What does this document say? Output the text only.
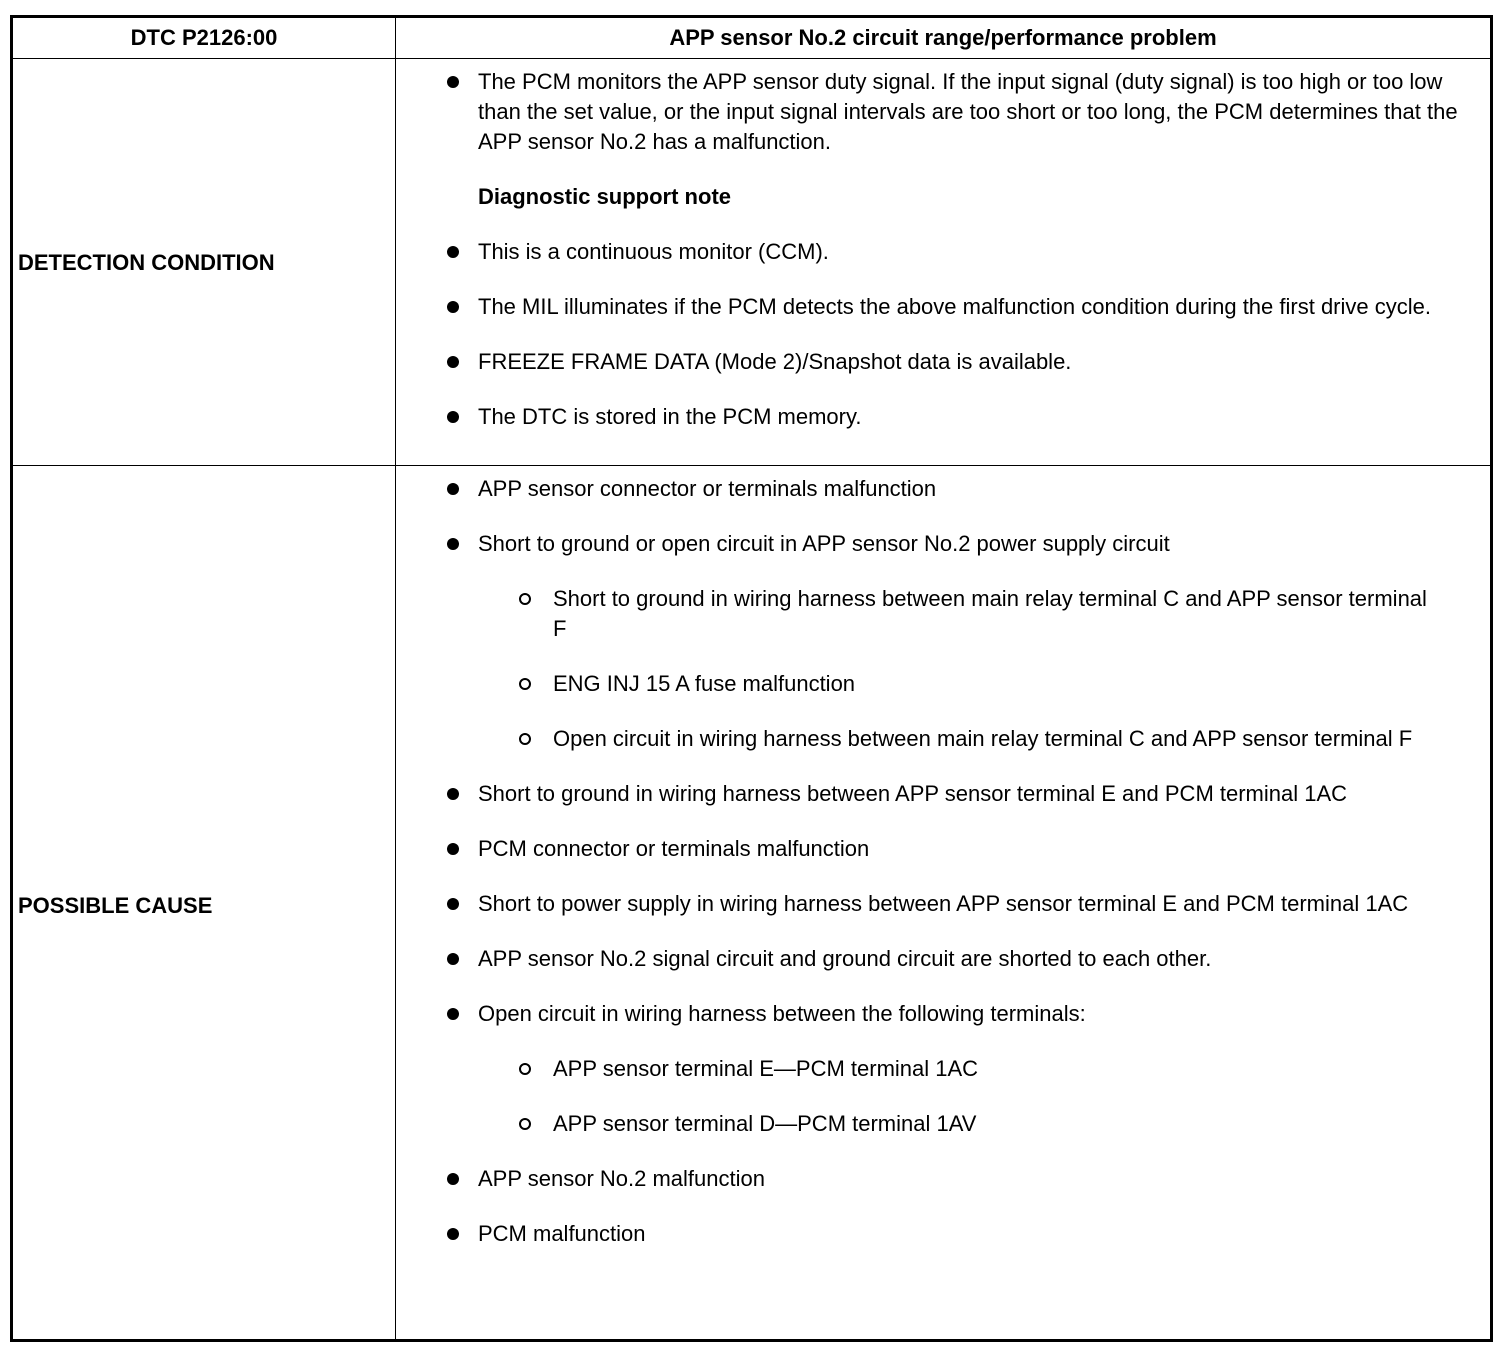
DTC P2126:00	APP sensor No.2 circuit range/performance problem
DETECTION CONDITION
The PCM monitors the APP sensor duty signal. If the input signal (duty signal) is too high or too low than the set value, or the input signal intervals are too short or too long, the PCM determines that the APP sensor No.2 has a malfunction.
Diagnostic support note
This is a continuous monitor (CCM).
The MIL illuminates if the PCM detects the above malfunction condition during the first drive cycle.
FREEZE FRAME DATA (Mode 2)/Snapshot data is available.
The DTC is stored in the PCM memory.
POSSIBLE CAUSE
APP sensor connector or terminals malfunction
Short to ground or open circuit in APP sensor No.2 power supply circuit
Short to ground in wiring harness between main relay terminal C and APP sensor terminal F
ENG INJ 15 A fuse malfunction
Open circuit in wiring harness between main relay terminal C and APP sensor terminal F
Short to ground in wiring harness between APP sensor terminal E and PCM terminal 1AC
PCM connector or terminals malfunction
Short to power supply in wiring harness between APP sensor terminal E and PCM terminal 1AC
APP sensor No.2 signal circuit and ground circuit are shorted to each other.
Open circuit in wiring harness between the following terminals:
APP sensor terminal E—PCM terminal 1AC
APP sensor terminal D—PCM terminal 1AV
APP sensor No.2 malfunction
PCM malfunction
